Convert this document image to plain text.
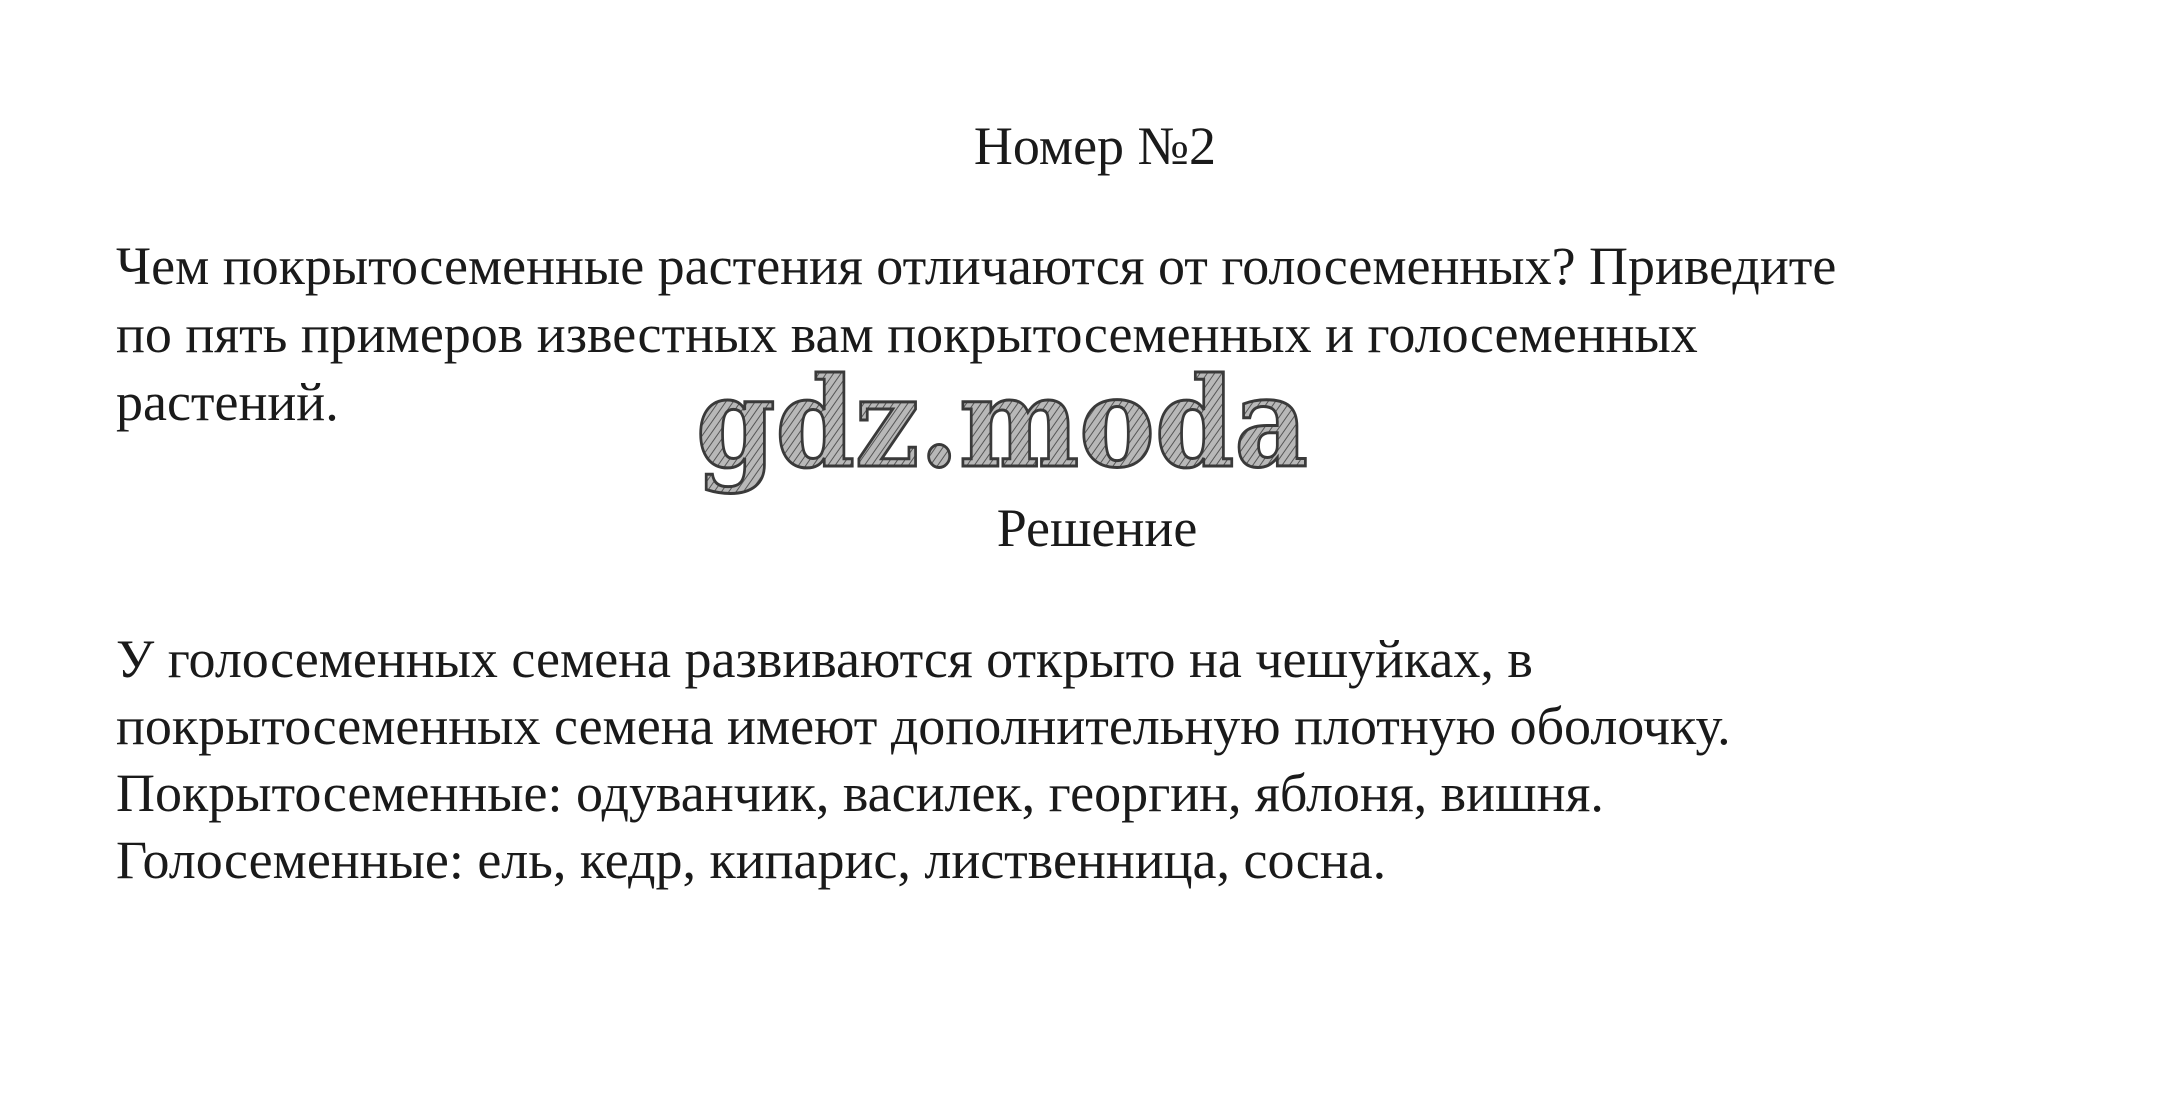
Номер №2

Чем покрытосеменные растения отличаются от голосеменных? Приведите
по пять примеров известных вам покрытосеменных и голосеменных
растений.	gdz.moda
Решение

У голосеменных семена развиваются открыто на чешуйках, в
покрытосеменных семена имеют дополнительную плотную оболочку.
Покрытосеменные: одуванчик, василек, георгин, яблоня, вишня.
Голосеменные: ель, кедр, кипарис, лиственница, сосна.
